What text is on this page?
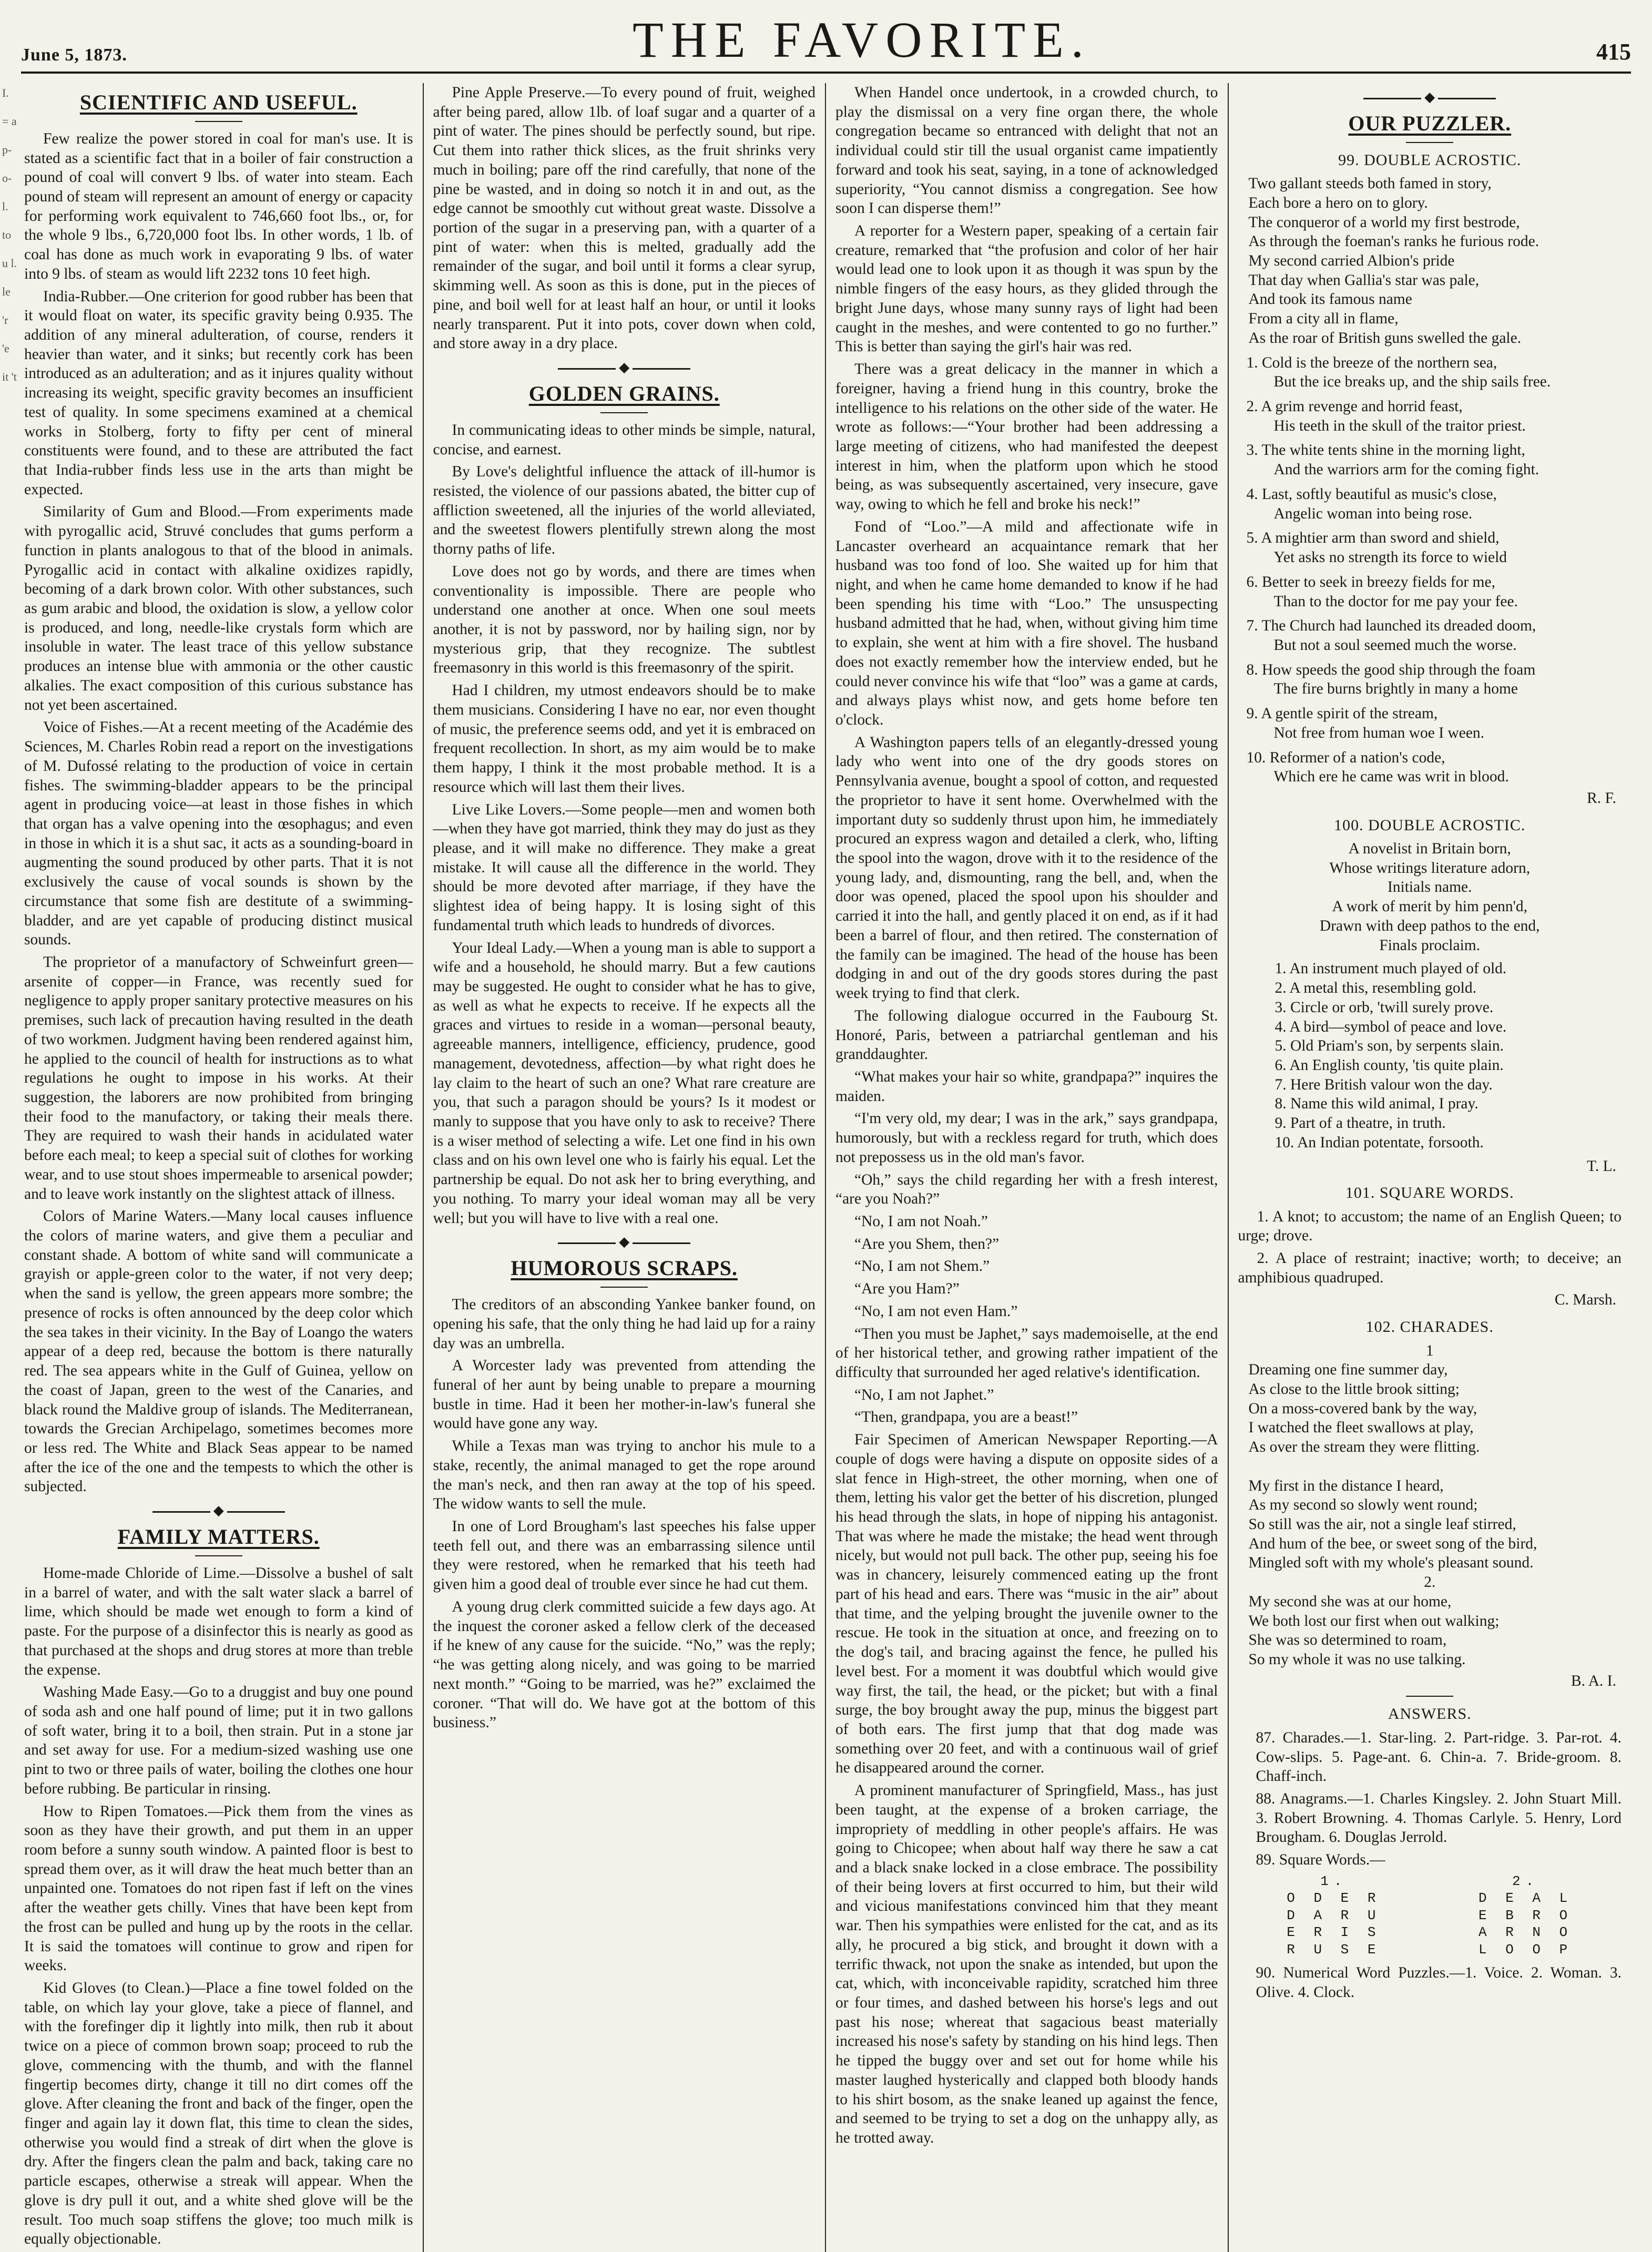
June 5, 1873.	THE FAVORITE.	415
I. = a p- o- l. to u l. le 'r 'e it 't
SCIENTIFIC AND USEFUL.

Few realize the power stored in coal for man's use. It is stated as a scientific fact that in a boiler of fair construction a pound of coal will convert 9 lbs. of water into steam. Each pound of steam will represent an amount of energy or capacity for performing work equivalent to 746,660 foot lbs., or, for the whole 9 lbs., 6,720,000 foot lbs. In other words, 1 lb. of coal has done as much work in evaporating 9 lbs. of water into 9 lbs. of steam as would lift 2232 tons 10 feet high.

India-Rubber.—One criterion for good rubber has been that it would float on water, its specific gravity being 0.935. The addition of any mineral adulteration, of course, renders it heavier than water, and it sinks; but recently cork has been introduced as an adulteration; and as it injures quality without increasing its weight, specific gravity becomes an insufficient test of quality. In some specimens examined at a chemical works in Stolberg, forty to fifty per cent of mineral constituents were found, and to these are attributed the fact that India-rubber finds less use in the arts than might be expected.

Similarity of Gum and Blood.—From experiments made with pyrogallic acid, Struvé concludes that gums perform a function in plants analogous to that of the blood in animals. Pyrogallic acid in contact with alkaline oxidizes rapidly, becoming of a dark brown color. With other substances, such as gum arabic and blood, the oxidation is slow, a yellow color is produced, and long, needle-like crystals form which are insoluble in water. The least trace of this yellow substance produces an intense blue with ammonia or the other caustic alkalies. The exact composition of this curious substance has not yet been ascertained.

Voice of Fishes.—At a recent meeting of the Académie des Sciences, M. Charles Robin read a report on the investigations of M. Dufossé relating to the production of voice in certain fishes. The swimming-bladder appears to be the principal agent in producing voice—at least in those fishes in which that organ has a valve opening into the œsophagus; and even in those in which it is a shut sac, it acts as a sounding-board in augmenting the sound produced by other parts. That it is not exclusively the cause of vocal sounds is shown by the circumstance that some fish are destitute of a swimming-bladder, and are yet capable of producing distinct musical sounds.

The proprietor of a manufactory of Schweinfurt green—arsenite of copper—in France, was recently sued for negligence to apply proper sanitary protective measures on his premises, such lack of precaution having resulted in the death of two workmen. Judgment having been rendered against him, he applied to the council of health for instructions as to what regulations he ought to impose in his works. At their suggestion, the laborers are now prohibited from bringing their food to the manufactory, or taking their meals there. They are required to wash their hands in acidulated water before each meal; to keep a special suit of clothes for working wear, and to use stout shoes impermeable to arsenical powder; and to leave work instantly on the slightest attack of illness.

Colors of Marine Waters.—Many local causes influence the colors of marine waters, and give them a peculiar and constant shade. A bottom of white sand will communicate a grayish or apple-green color to the water, if not very deep; when the sand is yellow, the green appears more sombre; the presence of rocks is often announced by the deep color which the sea takes in their vicinity. In the Bay of Loango the waters appear of a deep red, because the bottom is there naturally red. The sea appears white in the Gulf of Guinea, yellow on the coast of Japan, green to the west of the Canaries, and black round the Maldive group of islands. The Mediterranean, towards the Grecian Archipelago, sometimes becomes more or less red. The White and Black Seas appear to be named after the ice of the one and the tempests to which the other is subjected.

◆
FAMILY MATTERS.

Home-made Chloride of Lime.—Dissolve a bushel of salt in a barrel of water, and with the salt water slack a barrel of lime, which should be made wet enough to form a kind of paste. For the purpose of a disinfector this is nearly as good as that purchased at the shops and drug stores at more than treble the expense.

Washing Made Easy.—Go to a druggist and buy one pound of soda ash and one half pound of lime; put it in two gallons of soft water, bring it to a boil, then strain. Put in a stone jar and set away for use. For a medium-sized washing use one pint to two or three pails of water, boiling the clothes one hour before rubbing. Be particular in rinsing.

How to Ripen Tomatoes.—Pick them from the vines as soon as they have their growth, and put them in an upper room before a sunny south window. A painted floor is best to spread them over, as it will draw the heat much better than an unpainted one. Tomatoes do not ripen fast if left on the vines after the weather gets chilly. Vines that have been kept from the frost can be pulled and hung up by the roots in the cellar. It is said the tomatoes will continue to grow and ripen for weeks.

Kid Gloves (to Clean.)—Place a fine towel folded on the table, on which lay your glove, take a piece of flannel, and with the forefinger dip it lightly into milk, then rub it about twice on a piece of common brown soap; proceed to rub the glove, commencing with the thumb, and with the flannel fingertip becomes dirty, change it till no dirt comes off the glove. After cleaning the front and back of the finger, open the finger and again lay it down flat, this time to clean the sides, otherwise you would find a streak of dirt when the glove is dry. After the fingers clean the palm and back, taking care no particle escapes, otherwise a streak will appear. When the glove is dry pull it out, and a white shed glove will be the result. Too much soap stiffens the glove; too much milk is equally objectionable.

Pine Apple Preserve.—To every pound of fruit, weighed after being pared, allow 1lb. of loaf sugar and a quarter of a pint of water. The pines should be perfectly sound, but ripe. Cut them into rather thick slices, as the fruit shrinks very much in boiling; pare off the rind carefully, that none of the pine be wasted, and in doing so notch it in and out, as the edge cannot be smoothly cut without great waste. Dissolve a portion of the sugar in a preserving pan, with a quarter of a pint of water: when this is melted, gradually add the remainder of the sugar, and boil until it forms a clear syrup, skimming well. As soon as this is done, put in the pieces of pine, and boil well for at least half an hour, or until it looks nearly transparent. Put it into pots, cover down when cold, and store away in a dry place.

◆
GOLDEN GRAINS.

In communicating ideas to other minds be simple, natural, concise, and earnest.

By Love's delightful influence the attack of ill-humor is resisted, the violence of our passions abated, the bitter cup of affliction sweetened, all the injuries of the world alleviated, and the sweetest flowers plentifully strewn along the most thorny paths of life.

Love does not go by words, and there are times when conventionality is impossible. There are people who understand one another at once. When one soul meets another, it is not by password, nor by hailing sign, nor by mysterious grip, that they recognize. The subtlest freemasonry in this world is this freemasonry of the spirit.

Had I children, my utmost endeavors should be to make them musicians. Considering I have no ear, nor even thought of music, the preference seems odd, and yet it is embraced on frequent recollection. In short, as my aim would be to make them happy, I think it the most probable method. It is a resource which will last them their lives.

Live Like Lovers.—Some people—men and women both—when they have got married, think they may do just as they please, and it will make no difference. They make a great mistake. It will cause all the difference in the world. They should be more devoted after marriage, if they have the slightest idea of being happy. It is losing sight of this fundamental truth which leads to hundreds of divorces.

Your Ideal Lady.—When a young man is able to support a wife and a household, he should marry. But a few cautions may be suggested. He ought to consider what he has to give, as well as what he expects to receive. If he expects all the graces and virtues to reside in a woman—personal beauty, agreeable manners, intelligence, efficiency, prudence, good management, devotedness, affection—by what right does he lay claim to the heart of such an one? What rare creature are you, that such a paragon should be yours? Is it modest or manly to suppose that you have only to ask to receive? There is a wiser method of selecting a wife. Let one find in his own class and on his own level one who is fairly his equal. Let the partnership be equal. Do not ask her to bring everything, and you nothing. To marry your ideal woman may all be very well; but you will have to live with a real one.

◆
HUMOROUS SCRAPS.

The creditors of an absconding Yankee banker found, on opening his safe, that the only thing he had laid up for a rainy day was an umbrella.

A Worcester lady was prevented from attending the funeral of her aunt by being unable to prepare a mourning bustle in time. Had it been her mother-in-law's funeral she would have gone any way.

While a Texas man was trying to anchor his mule to a stake, recently, the animal managed to get the rope around the man's neck, and then ran away at the top of his speed. The widow wants to sell the mule.

In one of Lord Brougham's last speeches his false upper teeth fell out, and there was an embarrassing silence until they were restored, when he remarked that his teeth had given him a good deal of trouble ever since he had cut them.

A young drug clerk committed suicide a few days ago. At the inquest the coroner asked a fellow clerk of the deceased if he knew of any cause for the suicide. “No,” was the reply; “he was getting along nicely, and was going to be married next month.” “Going to be married, was he?” exclaimed the coroner. “That will do. We have got at the bottom of this business.”

When Handel once undertook, in a crowded church, to play the dismissal on a very fine organ there, the whole congregation became so entranced with delight that not an individual could stir till the usual organist came impatiently forward and took his seat, saying, in a tone of acknowledged superiority, “You cannot dismiss a congregation. See how soon I can disperse them!”

A reporter for a Western paper, speaking of a certain fair creature, remarked that “the profusion and color of her hair would lead one to look upon it as though it was spun by the nimble fingers of the easy hours, as they glided through the bright June days, whose many sunny rays of light had been caught in the meshes, and were contented to go no further.” This is better than saying the girl's hair was red.

There was a great delicacy in the manner in which a foreigner, having a friend hung in this country, broke the intelligence to his relations on the other side of the water. He wrote as follows:—“Your brother had been addressing a large meeting of citizens, who had manifested the deepest interest in him, when the platform upon which he stood being, as was subsequently ascertained, very insecure, gave way, owing to which he fell and broke his neck!”

Fond of “Loo.”—A mild and affectionate wife in Lancaster overheard an acquaintance remark that her husband was too fond of loo. She waited up for him that night, and when he came home demanded to know if he had been spending his time with “Loo.” The unsuspecting husband admitted that he had, when, without giving him time to explain, she went at him with a fire shovel. The husband does not exactly remember how the interview ended, but he could never convince his wife that “loo” was a game at cards, and always plays whist now, and gets home before ten o'clock.

A Washington papers tells of an elegantly-dressed young lady who went into one of the dry goods stores on Pennsylvania avenue, bought a spool of cotton, and requested the proprietor to have it sent home. Overwhelmed with the important duty so suddenly thrust upon him, he immediately procured an express wagon and detailed a clerk, who, lifting the spool into the wagon, drove with it to the residence of the young lady, and, dismounting, rang the bell, and, when the door was opened, placed the spool upon his shoulder and carried it into the hall, and gently placed it on end, as if it had been a barrel of flour, and then retired. The consternation of the family can be imagined. The head of the house has been dodging in and out of the dry goods stores during the past week trying to find that clerk.

The following dialogue occurred in the Faubourg St. Honoré, Paris, between a patriarchal gentleman and his granddaughter.

“What makes your hair so white, grandpapa?” inquires the maiden.

“I'm very old, my dear; I was in the ark,” says grandpapa, humorously, but with a reckless regard for truth, which does not prepossess us in the old man's favor.

“Oh,” says the child regarding her with a fresh interest, “are you Noah?”

“No, I am not Noah.”

“Are you Shem, then?”

“No, I am not Shem.”

“Are you Ham?”

“No, I am not even Ham.”

“Then you must be Japhet,” says mademoiselle, at the end of her historical tether, and growing rather impatient of the difficulty that surrounded her aged relative's identification.

“No, I am not Japhet.”

“Then, grandpapa, you are a beast!”

Fair Specimen of American Newspaper Reporting.—A couple of dogs were having a dispute on opposite sides of a slat fence in High-street, the other morning, when one of them, letting his valor get the better of his discretion, plunged his head through the slats, in hope of nipping his antagonist. That was where he made the mistake; the head went through nicely, but would not pull back. The other pup, seeing his foe was in chancery, leisurely commenced eating up the front part of his head and ears. There was “music in the air” about that time, and the yelping brought the juvenile owner to the rescue. He took in the situation at once, and freezing on to the dog's tail, and bracing against the fence, he pulled his level best. For a moment it was doubtful which would give way first, the tail, the head, or the picket; but with a final surge, the boy brought away the pup, minus the biggest part of both ears. The first jump that that dog made was something over 20 feet, and with a continuous wail of grief he disappeared around the corner.

A prominent manufacturer of Springfield, Mass., has just been taught, at the expense of a broken carriage, the impropriety of meddling in other people's affairs. He was going to Chicopee; when about half way there he saw a cat and a black snake locked in a close embrace. The possibility of their being lovers at first occurred to him, but their wild and vicious manifestations convinced him that they meant war. Then his sympathies were enlisted for the cat, and as its ally, he procured a big stick, and brought it down with a terrific thwack, not upon the snake as intended, but upon the cat, which, with inconceivable rapidity, scratched him three or four times, and dashed between his horse's legs and out past his nose; whereat that sagacious beast materially increased his nose's safety by standing on his hind legs. Then he tipped the buggy over and set out for home while his master laughed hysterically and clapped both bloody hands to his shirt bosom, as the snake leaned up against the fence, and seemed to be trying to set a dog on the unhappy ally, as he trotted away.

◆
OUR PUZZLER.
99. DOUBLE ACROSTIC.

Two gallant steeds both famed in story,

Each bore a hero on to glory.

The conqueror of a world my first bestrode,

As through the foeman's ranks he furious rode.

My second carried Albion's pride

That day when Gallia's star was pale,

And took its famous name

From a city all in flame,

As the roar of British guns swelled the gale.

1. Cold is the breeze of the northern sea,
But the ice breaks up, and the ship sails free.

2. A grim revenge and horrid feast,
His teeth in the skull of the traitor priest.

3. The white tents shine in the morning light,
And the warriors arm for the coming fight.

4. Last, softly beautiful as music's close,
Angelic woman into being rose.

5. A mightier arm than sword and shield,
Yet asks no strength its force to wield

6. Better to seek in breezy fields for me,
Than to the doctor for me pay your fee.

7. The Church had launched its dreaded doom,
But not a soul seemed much the worse.

8. How speeds the good ship through the foam
The fire burns brightly in many a home

9. A gentle spirit of the stream,
Not free from human woe I ween.

10. Reformer of a nation's code,
Which ere he came was writ in blood.

R. F.

100. DOUBLE ACROSTIC.

A novelist in Britain born,

Whose writings literature adorn,

Initials name.

A work of merit by him penn'd,

Drawn with deep pathos to the end,

Finals proclaim.

1. An instrument much played of old.
2. A metal this, resembling gold.
3. Circle or orb, 'twill surely prove.
4. A bird—symbol of peace and love.
5. Old Priam's son, by serpents slain.
6. An English county, 'tis quite plain.
7. Here British valour won the day.
8. Name this wild animal, I pray.
9. Part of a theatre, in truth.
10. An Indian potentate, forsooth.

T. L.

101. SQUARE WORDS.

1. A knot; to accustom; the name of an English Queen; to urge; drove.

2. A place of restraint; inactive; worth; to deceive; an amphibious quadruped.

C. Marsh.

102. CHARADES.

1

Dreaming one fine summer day,

As close to the little brook sitting;

On a moss-covered bank by the way,

I watched the fleet swallows at play,

As over the stream they were flitting.

My first in the distance I heard,

As my second so slowly went round;

So still was the air, not a single leaf stirred,

And hum of the bee, or sweet song of the bird,

Mingled soft with my whole's pleasant sound.

2.

My second she was at our home,

We both lost our first when out walking;

She was so determined to roam,

So my whole it was no use talking.

B. A. I.

ANSWERS.

87. Charades.—1. Star-ling. 2. Part-ridge. 3. Par-rot. 4. Cow-slips. 5. Page-ant. 6. Chin-a. 7. Bride-groom. 8. Chaff-inch.

88. Anagrams.—1. Charles Kingsley. 2. John Stuart Mill. 3. Robert Browning. 4. Thomas Carlyle. 5. Henry, Lord Brougham. 6. Douglas Jerrold.

89. Square Words.—

1.	2.
O D E R	D E A L
D A R U	E B R O
E R I S	A R N O
R U S E	L O O P

90. Numerical Word Puzzles.—1. Voice. 2. Woman. 3. Olive. 4. Clock.
